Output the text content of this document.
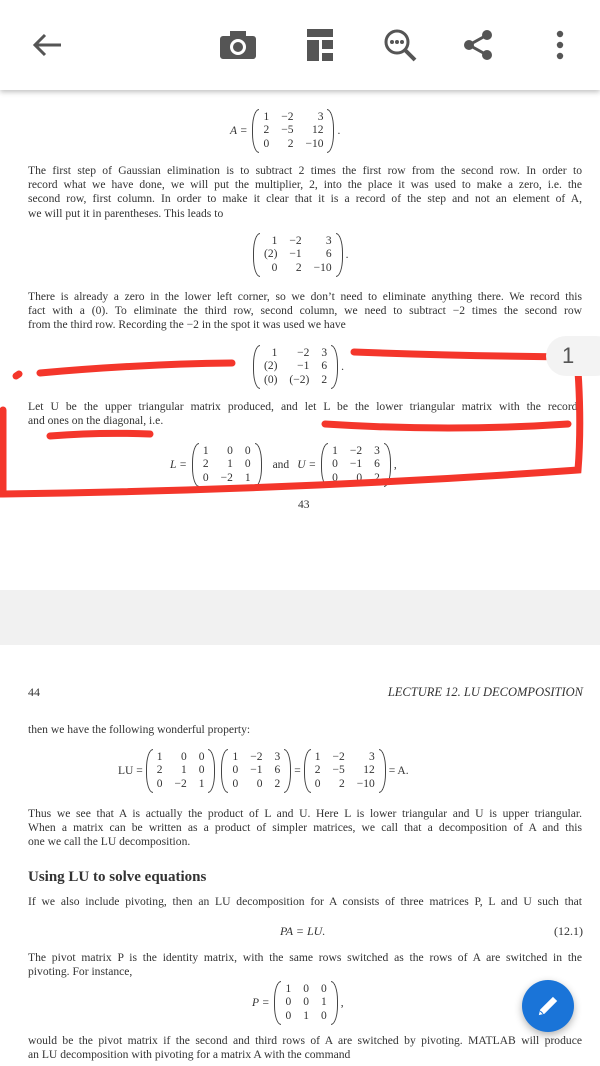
A =
1 −2	3
2 −5	12
0	2 −10
.
The first step of Gaussian elimination is to subtract 2 times the first row from the second row. In order to
record what we have done, we will put the multiplier, 2, into the place it was used to make a zero, i.e. the
second row, first column. In order to make it clear that it is a record of the step and not an element of A,
we will put it in parentheses. This leads to
1 −2	3
(2) −1	6
0	2 −10
.
There is already a zero in the lower left corner, so we don’t need to eliminate anything there. We record this
fact with a (0). To eliminate the third row, second column, we need to subtract −2 times the second row
from the third row. Recording the −2 in the spot it was used we have
1	−2 3
(2)	−1 6
(0) (−2) 2
.
Let U be the upper triangular matrix produced, and let L be the lower triangular matrix with the records
and ones on the diagonal, i.e.
L =
1	0 0
2	1 0
0 −2 1
and U =
1 −2 3
0 −1 6
0	0 2
,
43
44	LECTURE 12. LU DECOMPOSITION
then we have the following wonderful property:
LU =
1	0 0
2	1 0
0 −2 1
1 −2 3
0 −1 6
0	0 2
=
1 −2	3
2 −5	12
0	2 −10
= A.
Thus we see that A is actually the product of L and U. Here L is lower triangular and U is upper triangular.
When a matrix can be written as a product of simpler matrices, we call that a decomposition of A and this
one we call the LU decomposition.
Using LU to solve equations
If we also include pivoting, then an LU decomposition for A consists of three matrices P, L and U such that
PA = LU.	(12.1)
The pivot matrix P is the identity matrix, with the same rows switched as the rows of A are switched in the
pivoting. For instance,
P =
1 0 0
0 0 1
0 1 0
,
would be the pivot matrix if the second and third rows of A are switched by pivoting. MATLAB will produce
an LU decomposition with pivoting for a matrix A with the command
1
